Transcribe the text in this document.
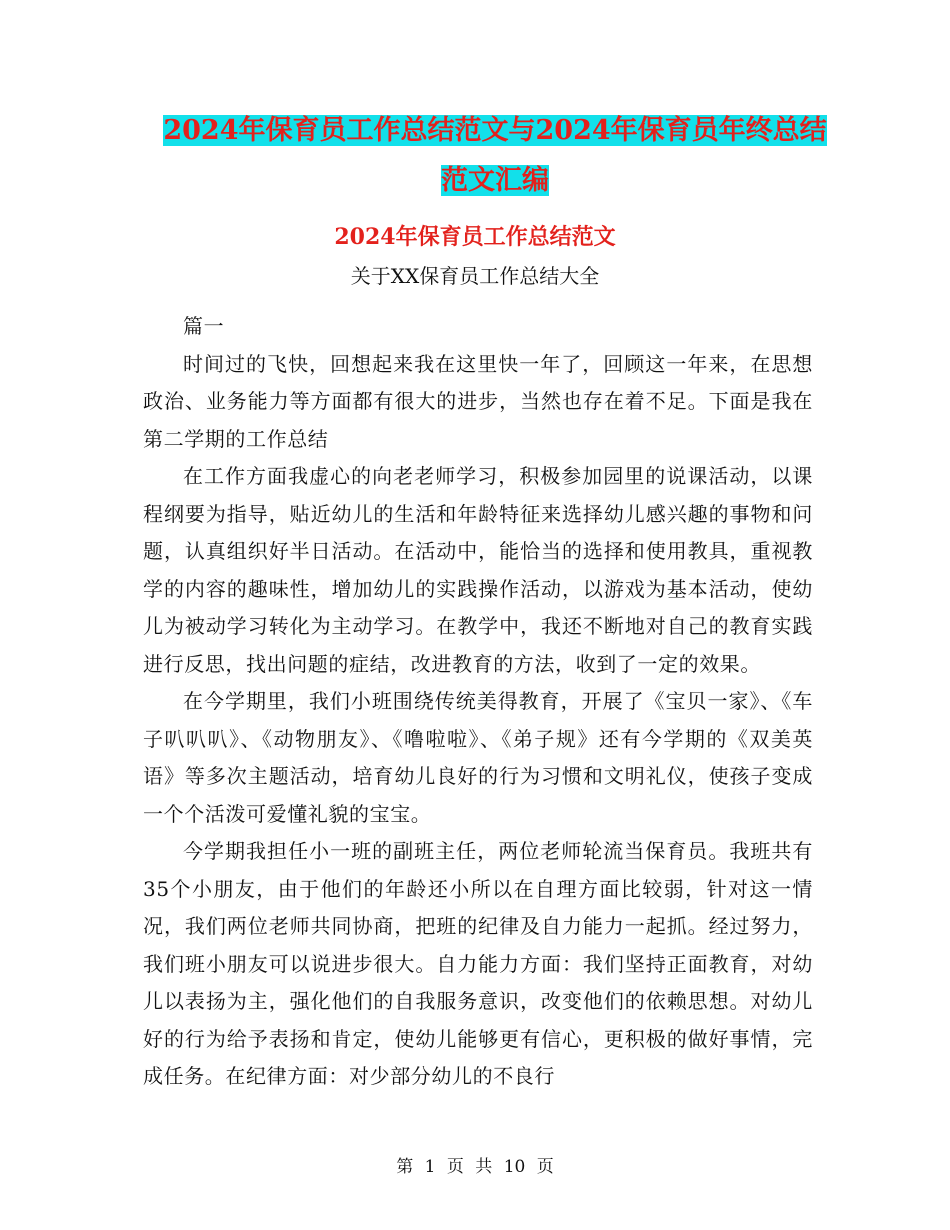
2024年保育员工作总结范文与2024年保育员年终总结
范文汇编
2024年保育员工作总结范文
关于XX保育员工作总结大全

篇一

时间过的飞快，回想起来我在这里快一年了，回顾这一年来，在思想政治、业务能力等方面都有很大的进步，当然也存在着不足。下面是我在第二学期的工作总结

在工作方面我虚心的向老老师学习，积极参加园里的说课活动，以课程纲要为指导，贴近幼儿的生活和年龄特征来选择幼儿感兴趣的事物和问题，认真组织好半日活动。在活动中，能恰当的选择和使用教具，重视教学的内容的趣味性，增加幼儿的实践操作活动，以游戏为基本活动，使幼儿为被动学习转化为主动学习。在教学中，我还不断地对自己的教育实践进行反思，找出问题的症结，改进教育的方法，收到了一定的效果。

在今学期里，我们小班围绕传统美得教育，开展了《宝贝一家》、《车子叭叭叭》、《动物朋友》、《噜啦啦》、《弟子规》还有今学期的《双美英语》等多次主题活动，培育幼儿良好的行为习惯和文明礼仪，使孩子变成一个个活泼可爱懂礼貌的宝宝。

今学期我担任小一班的副班主任，两位老师轮流当保育员。我班共有35个小朋友，由于他们的年龄还小所以在自理方面比较弱，针对这一情况，我们两位老师共同协商，把班的纪律及自力能力一起抓。经过努力，我们班小朋友可以说进步很大。自力能力方面：我们坚持正面教育，对幼儿以表扬为主，强化他们的自我服务意识，改变他们的依赖思想。对幼儿好的行为给予表扬和肯定，使幼儿能够更有信心，更积极的做好事情，完成任务。在纪律方面：对少部分幼儿的不良行

第 1 页 共 10 页
